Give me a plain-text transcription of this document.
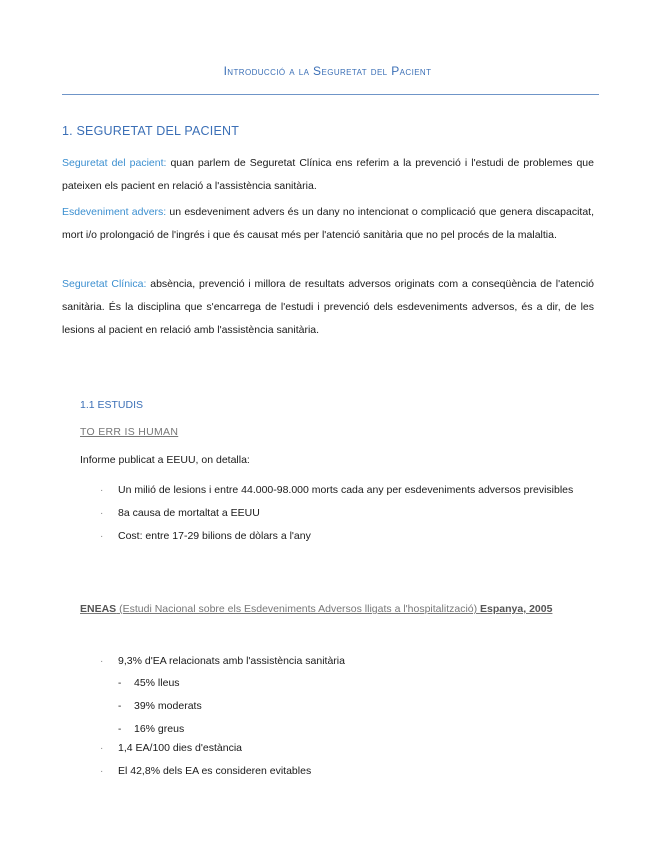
Introducció a la Seguretat del Pacient
1. SEGURETAT DEL PACIENT

Seguretat del pacient: quan parlem de Seguretat Clínica ens referim a la prevenció i l'estudi de problemes que pateixen els pacient en relació a l'assistència sanitària.

Esdeveniment advers: un esdeveniment advers és un dany no intencionat o complicació que genera discapacitat, mort i/o prolongació de l'ingrés i que és causat més per l'atenció sanitària que no pel procés de la malaltia.

Seguretat Clínica: absència, prevenció i millora de resultats adversos originats com a conseqüència de l'atenció sanitària. És la disciplina que s'encarrega de l'estudi i prevenció dels esdeveniments adversos, és a dir, de les lesions al pacient en relació amb l'assistència sanitària.

1.1 ESTUDIS
TO ERR IS HUMAN
Informe publicat a EEUU, on detalla:
· Un milió de lesions i entre 44.000-98.000 morts cada any per esdeveniments adversos previsibles
· 8a causa de mortaltat a EEUU
· Cost: entre 17-29 bilions de dòlars a l'any

ENEAS (Estudi Nacional sobre els Esdeveniments Adversos lligats a l'hospitalització) Espanya, 2005

· 9,3% d'EA relacionats amb l'assistència sanitària
- 45% lleus
- 39% moderats
- 16% greus
· 1,4 EA/100 dies d'estància
· El 42,8% dels EA es consideren evitables
